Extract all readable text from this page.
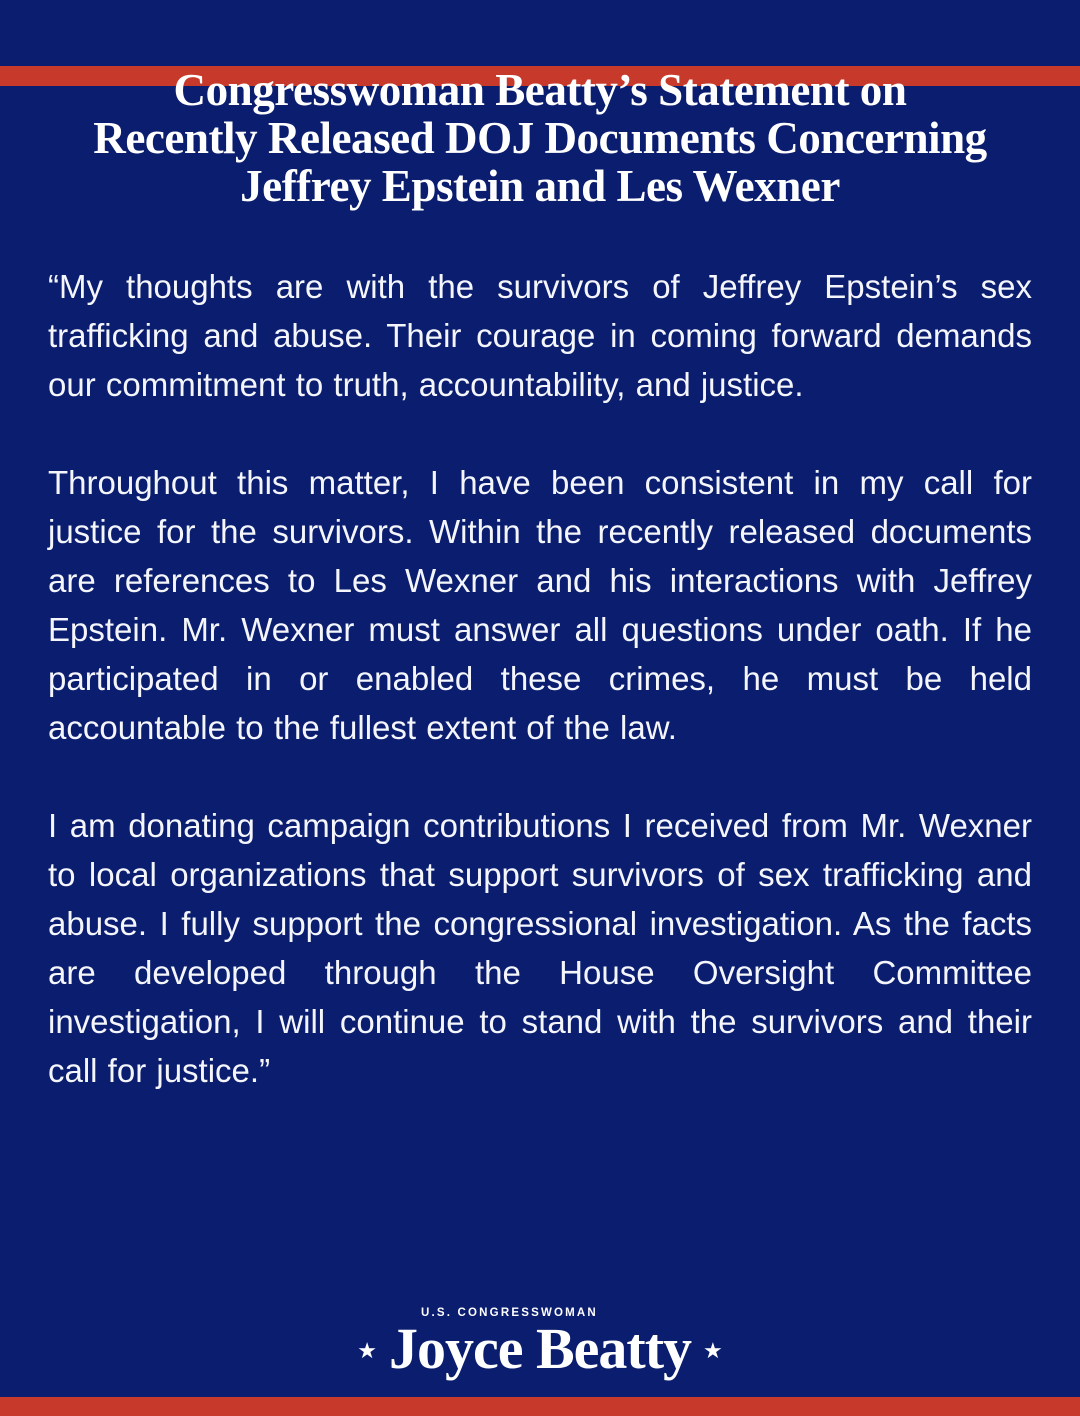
Congresswoman Beatty’s Statement on
Recently Released DOJ Documents Concerning
Jeffrey Epstein and Les Wexner

“My thoughts are with the survivors of Jeffrey Epstein’s sex trafficking and abuse. Their courage in coming forward demands our commitment to truth, accountability, and justice.

Throughout this matter, I have been consistent in my call for justice for the survivors. Within the recently released documents are references to Les Wexner and his interactions with Jeffrey Epstein. Mr. Wexner must answer all questions under oath. If he participated in or enabled these crimes, he must be held accountable to the fullest extent of the law.

I am donating campaign contributions I received from Mr. Wexner to local organizations that support survivors of sex trafficking and abuse. I fully support the congressional investigation. As the facts are developed through the House Oversight Committee investigation, I will continue to stand with the survivors and their call for justice.”

★
U.S. CONGRESSWOMAN
Joyce Beatty ★
